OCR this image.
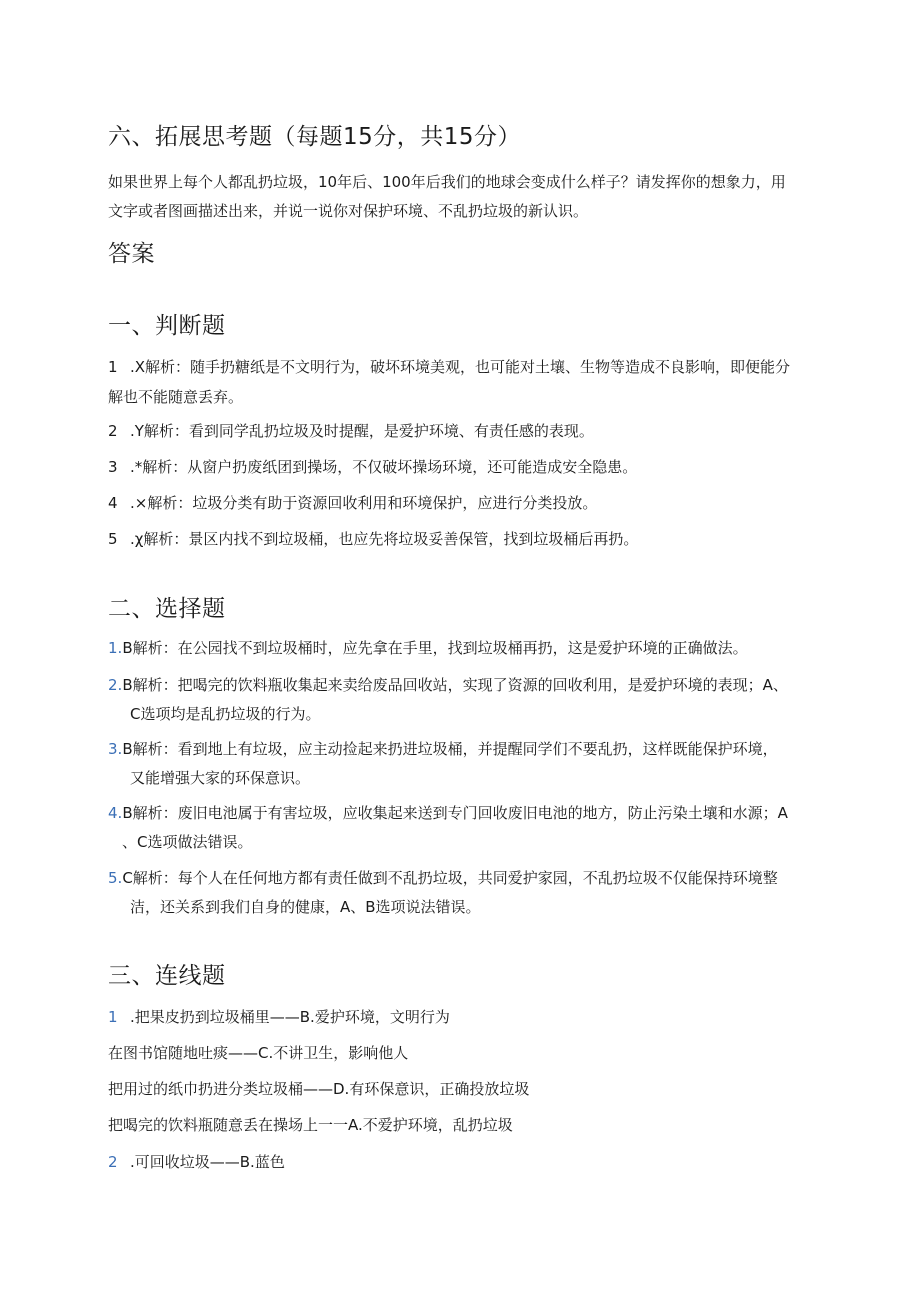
六、拓展思考题（每题15分，共15分）
如果世界上每个人都乱扔垃圾，10年后、100年后我们的地球会变成什么样子？请发挥你的想象力，用
文字或者图画描述出来，并说一说你对保护环境、不乱扔垃圾的新认识。
答案
一、判断题
1 .X解析：随手扔糖纸是不文明行为，破坏环境美观，也可能对土壤、生物等造成不良影响，即便能分
解也不能随意丢弃。
2 .Y解析：看到同学乱扔垃圾及时提醒，是爱护环境、有责任感的表现。
3 .*解析：从窗户扔废纸团到操场，不仅破坏操场环境，还可能造成安全隐患。
4 .×解析：垃圾分类有助于资源回收利用和环境保护，应进行分类投放。
5 .χ解析：景区内找不到垃圾桶，也应先将垃圾妥善保管，找到垃圾桶后再扔。
二、选择题
1.B解析：在公园找不到垃圾桶时，应先拿在手里，找到垃圾桶再扔，这是爱护环境的正确做法。
2.B解析：把喝完的饮料瓶收集起来卖给废品回收站，实现了资源的回收利用，是爱护环境的表现；A、
C选项均是乱扔垃圾的行为。
3.B解析：看到地上有垃圾，应主动捡起来扔进垃圾桶，并提醒同学们不要乱扔，这样既能保护环境，
又能增强大家的环保意识。
4.B解析：废旧电池属于有害垃圾，应收集起来送到专门回收废旧电池的地方，防止污染土壤和水源；A
、C选项做法错误。
5.C解析：每个人在任何地方都有责任做到不乱扔垃圾，共同爱护家园，不乱扔垃圾不仅能保持环境整
洁，还关系到我们自身的健康，A、B选项说法错误。
三、连线题
1 .把果皮扔到垃圾桶里——B.爱护环境，文明行为
在图书馆随地吐痰——C.不讲卫生，影响他人
把用过的纸巾扔进分类垃圾桶——D.有环保意识，正确投放垃圾
把喝完的饮料瓶随意丢在操场上一一A.不爱护环境，乱扔垃圾
2 .可回收垃圾——B.蓝色
